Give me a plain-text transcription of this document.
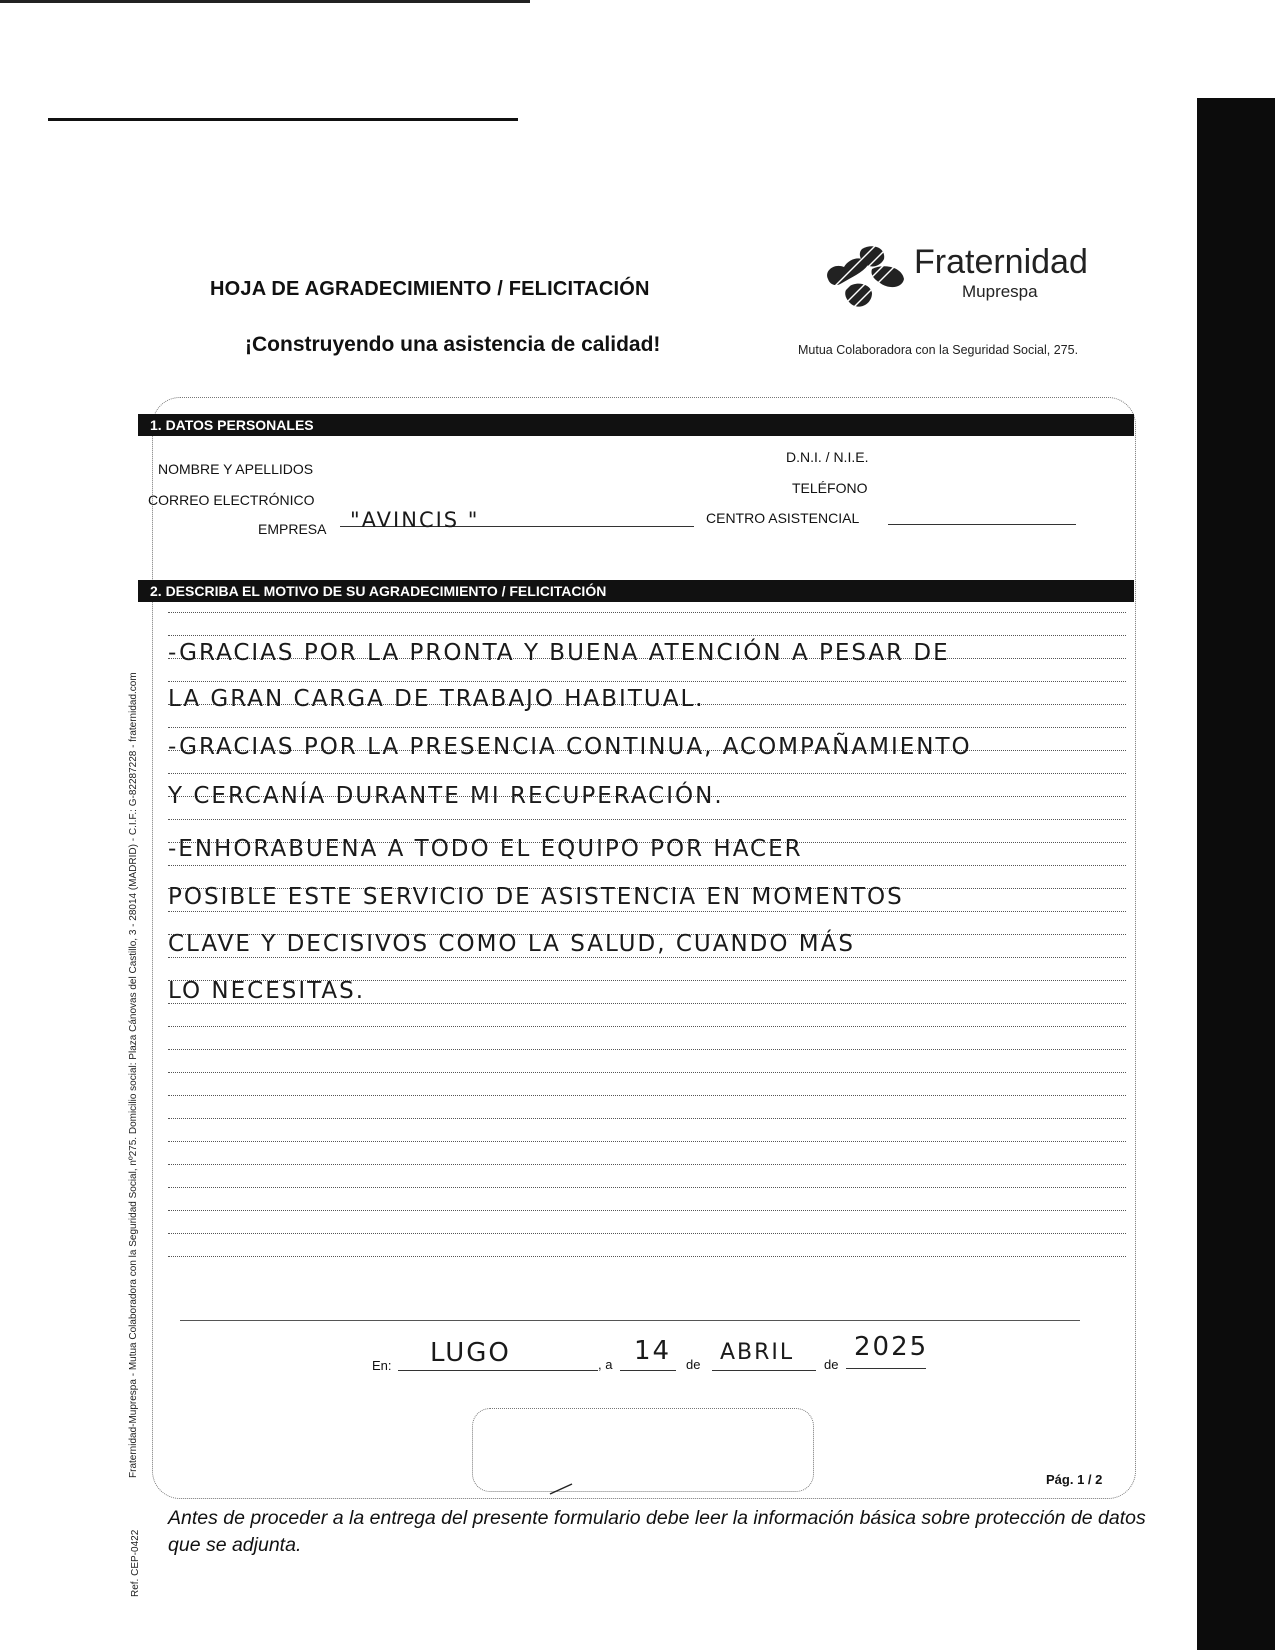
HOJA DE AGRADECIMIENTO / FELICITACIÓN
¡Construyendo una asistencia de calidad!
Fraternidad
Muprespa
Mutua Colaboradora con la Seguridad Social, 275.
1. DATOS PERSONALES
NOMBRE Y APELLIDOS
D.N.I. / N.I.E.
CORREO ELECTRÓNICO
TELÉFONO
EMPRESA "AVINCIS "	CENTRO ASISTENCIAL
2. DESCRIBA EL MOTIVO DE SU AGRADECIMIENTO / FELICITACIÓN
-GRACIAS POR LA PRONTA Y BUENA ATENCIÓN A PESAR DE
LA GRAN CARGA DE TRABAJO HABITUAL.
-GRACIAS POR LA PRESENCIA CONTINUA, ACOMPAÑAMIENTO
Y CERCANÍA DURANTE MI RECUPERACIÓN.
-ENHORABUENA A TODO EL EQUIPO POR HACER
POSIBLE ESTE SERVICIO DE ASISTENCIA EN MOMENTOS
CLAVE Y DECISIVOS COMO LA SALUD, CUANDO MÁS
LO NECESITAS.
En: LUGO	, a 14 de ABRIL de
2025
Pág. 1 / 2
Antes de proceder a la entrega del presente formulario debe leer la información básica sobre protección de datos que se adjunta.
Fraternidad-Muprespa - Mutua Colaboradora con la Seguridad Social, nº275. Domicilio social: Plaza Cánovas del Castillo, 3 - 28014 (MADRID) - C.I.F.: G-82287228 - fraternidad.com
Ref. CEP-0422
